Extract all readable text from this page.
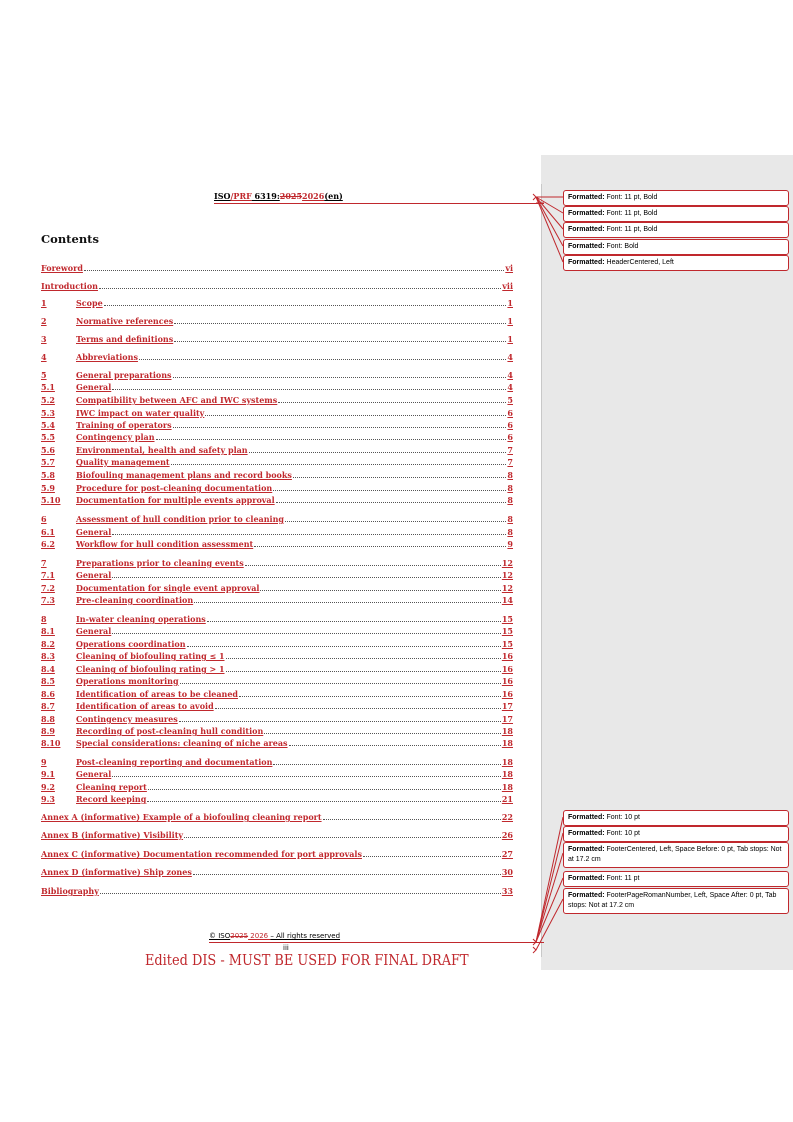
ISO/PRF 6319:20252026(en)
Contents
Foreword	vi
Introduction	vii
1	Scope	1
2	Normative references	1
3	Terms and definitions	1
4	Abbreviations	4
5	General preparations	4
5.1	General	4
5.2	Compatibility between AFC and IWC systems	5
5.3	IWC impact on water quality	6
5.4	Training of operators	6
5.5	Contingency plan	6
5.6	Environmental, health and safety plan	7
5.7	Quality management	7
5.8	Biofouling management plans and record books	8
5.9	Procedure for post-cleaning documentation	8
5.10	Documentation for multiple events approval	8
6	Assessment of hull condition prior to cleaning	8
6.1	General	8
6.2	Workflow for hull condition assessment	9
7	Preparations prior to cleaning events	12
7.1	General	12
7.2	Documentation for single event approval	12
7.3	Pre-cleaning coordination	14
8	In-water cleaning operations	15
8.1	General	15
8.2	Operations coordination	15
8.3	Cleaning of biofouling rating ≤ 1	16
8.4	Cleaning of biofouling rating > 1	16
8.5	Operations monitoring	16
8.6	Identification of areas to be cleaned	16
8.7	Identification of areas to avoid	17
8.8	Contingency measures	17
8.9	Recording of post-cleaning hull condition	18
8.10	Special considerations: cleaning of niche areas	18
9	Post-cleaning reporting and documentation	18
9.1	General	18
9.2	Cleaning report	18
9.3	Record keeping	21
Annex A (informative) Example of a biofouling cleaning report	22
Annex B (informative) Visibility	26
Annex C (informative) Documentation recommended for port approvals	27
Annex D (informative) Ship zones	30
Bibliography	33
© ISO2025 2026 – All rights reserved
iii
Edited DIS - MUST BE USED FOR FINAL DRAFT
Formatted: Font: 11 pt, Bold
Formatted: Font: 11 pt, Bold
Formatted: Font: 11 pt, Bold
Formatted: Font: Bold
Formatted: HeaderCentered, Left
Formatted: Font: 10 pt
Formatted: Font: 10 pt
Formatted: FooterCentered, Left, Space Before: 0 pt, Tab stops: Not at 17.2 cm
Formatted: Font: 11 pt
Formatted: FooterPageRomanNumber, Left, Space After: 0 pt, Tab stops: Not at 17.2 cm
